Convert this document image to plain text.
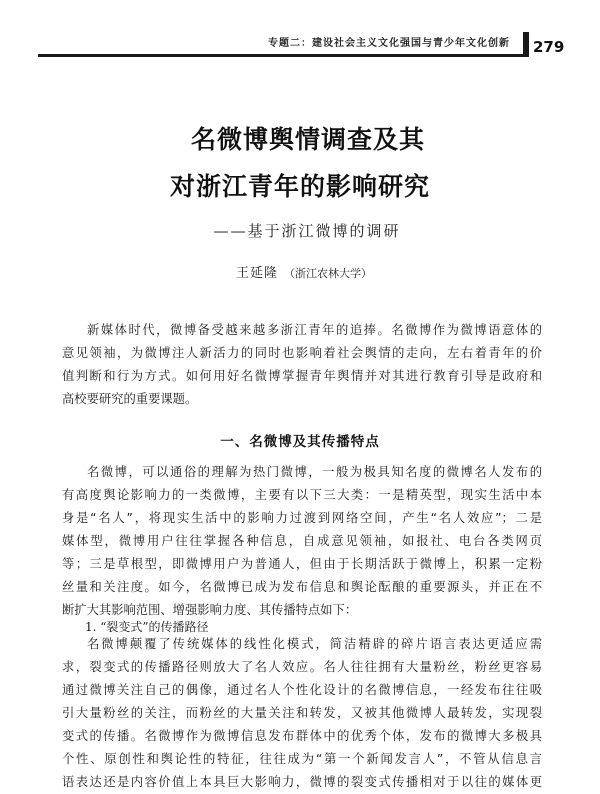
专题二：建设社会主义文化强国与青少年文化创新 279
名微博舆情调查及其
对浙江青年的影响研究
——基于浙江微博的调研
王延隆 （浙江农林大学）
新媒体时代，微博备受越来越多浙江青年的追捧。名微博作为微博语意体的
意见领袖，为微博注人新活力的同时也影响着社会舆情的走向，左右着青年的价
值判断和行为方式。如何用好名微博掌握青年舆情并对其进行教育引导是政府和
高校要研究的重要课题。
一、名微博及其传播特点
名微博，可以通俗的理解为热门微博，一般为极具知名度的微博名人发布的
有高度舆论影响力的一类微博，主要有以下三大类：一是精英型，现实生活中本
身是“名人”，将现实生活中的影响力过渡到网络空间，产生“名人效应”；二是
媒体型，微博用户往往掌握各种信息，自成意见领袖，如报社、电台各类网页
等；三是草根型，即微博用户为普通人，但由于长期活跃于微博上，积累一定粉
丝量和关注度。如今，名微博已成为发布信息和舆论酝酿的重要源头，并正在不
断扩大其影响范围、增强影响力度、其传播特点如下：
1. “裂变式”的传播路径
名微博颠覆了传统媒体的线性化模式，简洁精辟的碎片语言表达更适应需
求，裂变式的传播路径则放大了名人效应。名人往往拥有大量粉丝，粉丝更容易
通过微博关注自己的偶像，通过名人个性化设计的名微博信息，一经发布往往吸
引大量粉丝的关注，而粉丝的大量关注和转发，又被其他微博人最转发，实现裂
变式的传播。名微博作为微博信息发布群体中的优秀个体，发布的微博大多极具
个性、原创性和舆论性的特征，往往成为“第一个新闻发言人”，不管从信息言
语表达还是内容价值上本具巨大影响力，微博的裂变式传播相对于以往的媒体更
